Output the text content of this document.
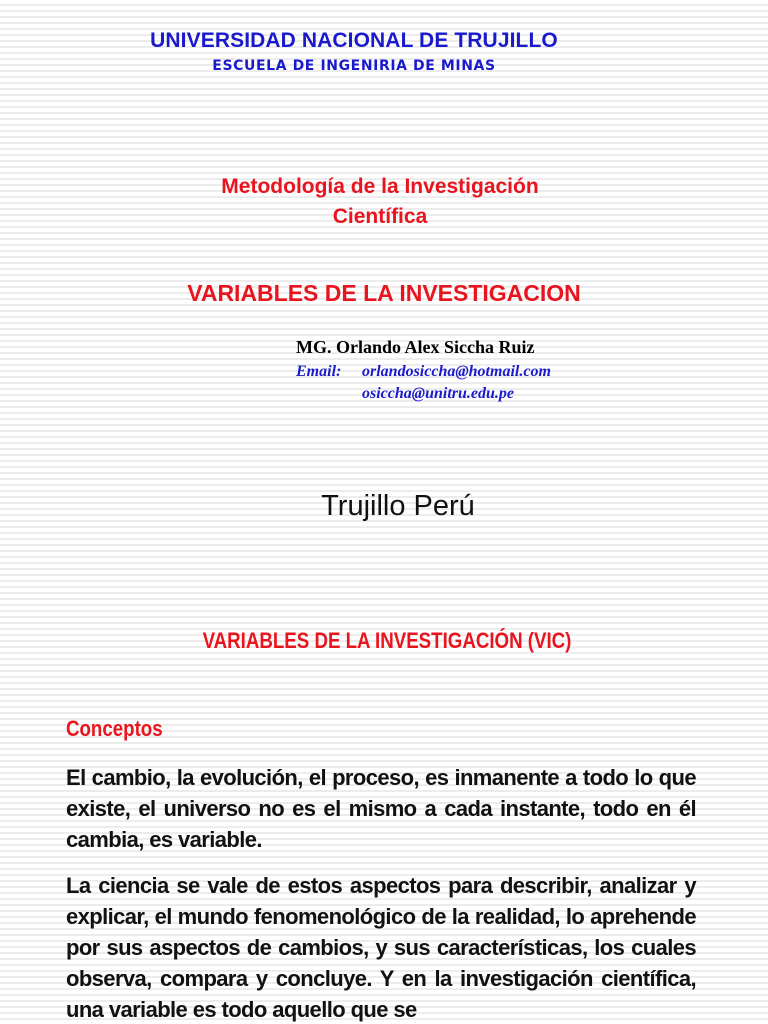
UNIVERSIDAD NACIONAL DE TRUJILLO

ESCUELA DE INGENIRIA DE MINAS

Metodología de la Investigación
Científica

VARIABLES DE LA INVESTIGACION

MG. Orlando Alex Siccha Ruiz

Email: orlandosiccha@hotmail.com
osiccha@unitru.edu.pe

Trujillo Perú

VARIABLES DE LA INVESTIGACIÓN (VIC)

Conceptos

El cambio, la evolución, el proceso, es inmanente a todo lo que existe, el universo no es el mismo a cada instante, todo en él cambia, es variable.

La ciencia se vale de estos aspectos para describir, analizar y explicar, el mundo fenomenológico de la realidad, lo aprehende por sus aspectos de cambios, y sus características, los cuales observa, compara y concluye. Y en la investigación científica, una variable es todo aquello que se
